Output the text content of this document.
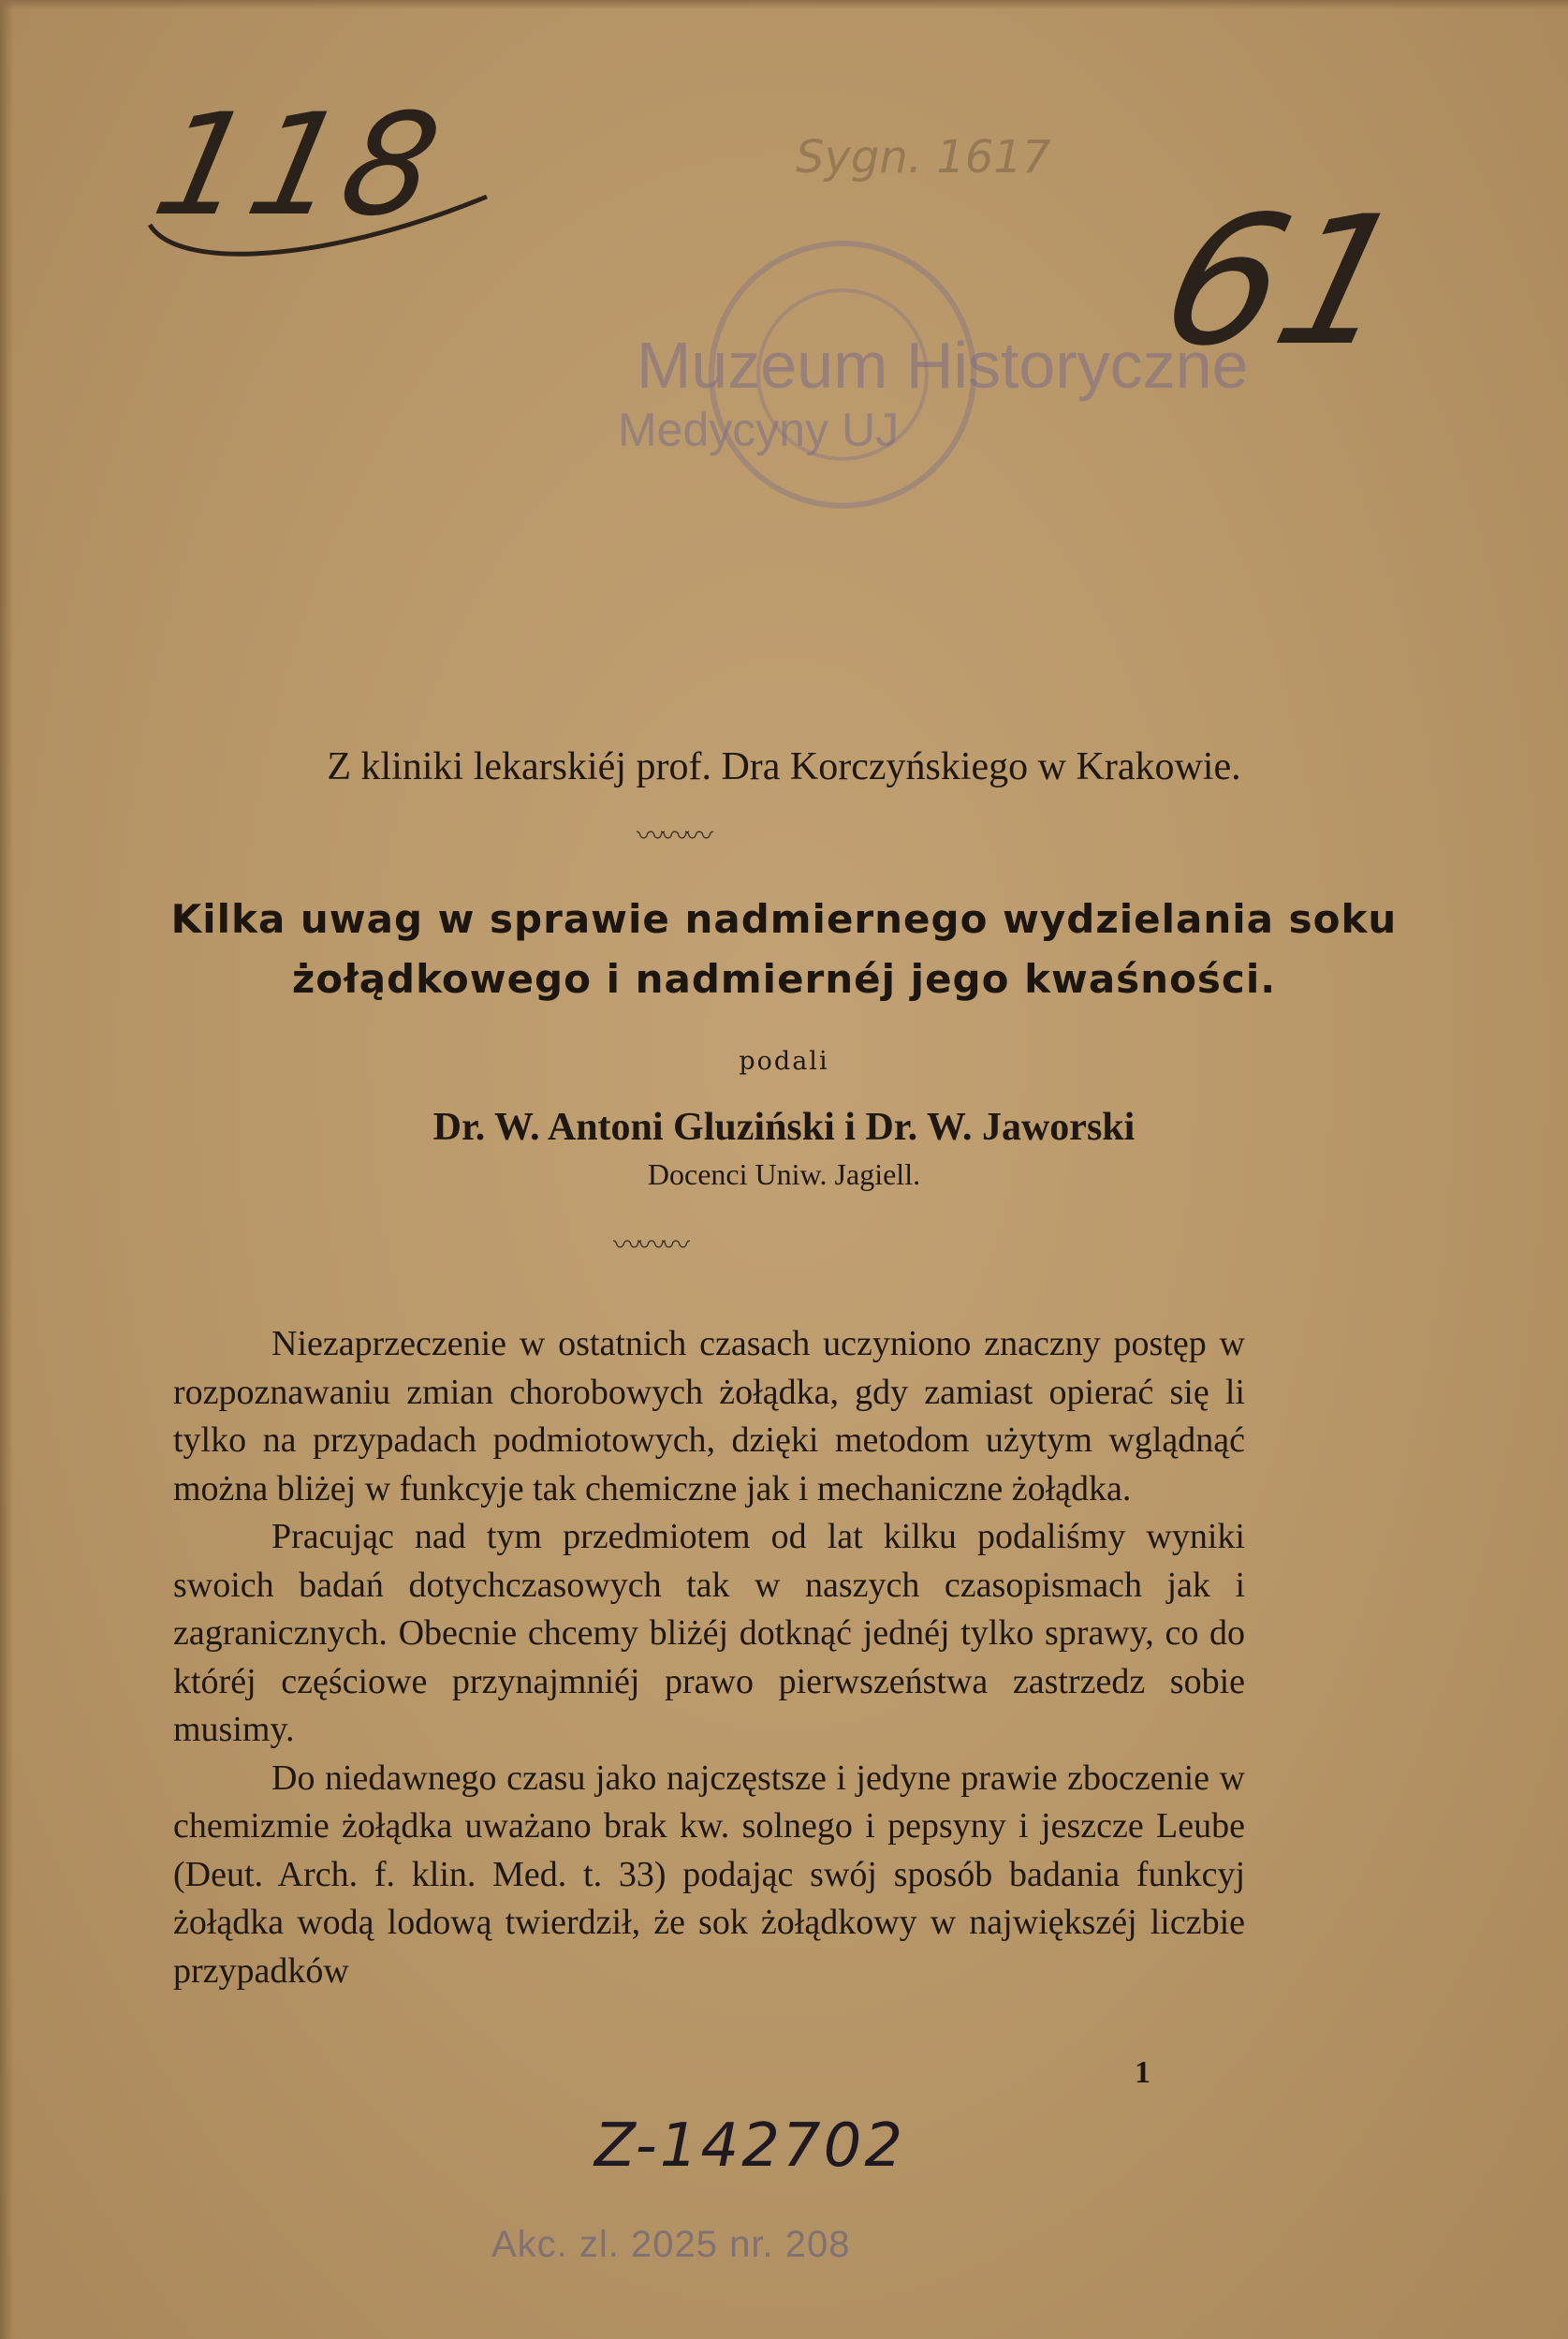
118
61
Sygn. 1617
Muzeum Historyczne
Medycyny UJ
Z kliniki lekarskiéj prof. Dra Korczyńskiego w Krakowie.
〰〰〰
Kilka uwag w sprawie nadmiernego wydzielania soku
żołądkowego i nadmiernéj jego kwaśności.
podali
Dr. W. Antoni Gluziński i Dr. W. Jaworski
Docenci Uniw. Jagiell.
〰〰〰

Niezaprzeczenie w ostatnich czasach uczyniono znaczny postęp w rozpoznawaniu zmian chorobowych żołądka, gdy zamiast opierać się li tylko na przypadach podmiotowych, dzięki metodom użytym wglądnąć można bliżej w funkcyje tak chemiczne jak i mechaniczne żołądka.

Pracując nad tym przedmiotem od lat kilku podaliśmy wyniki swoich badań dotychczasowych tak w naszych czasopismach jak i zagranicznych. Obecnie chcemy bliżéj dotknąć jednéj tylko sprawy, co do któréj częściowe przynajmniéj prawo pierwszeństwa zastrzedz sobie musimy.

Do niedawnego czasu jako najczęstsze i jedyne prawie zboczenie w chemizmie żołądka uważano brak kw. solnego i pepsyny i jeszcze Leube (Deut. Arch. f. klin. Med. t. 33) podając swój sposób badania funkcyj żołądka wodą lodową twierdził, że sok żołądkowy w największéj liczbie przypadków

1
Z-142702
Akc. zl. 2025 nr. 208
